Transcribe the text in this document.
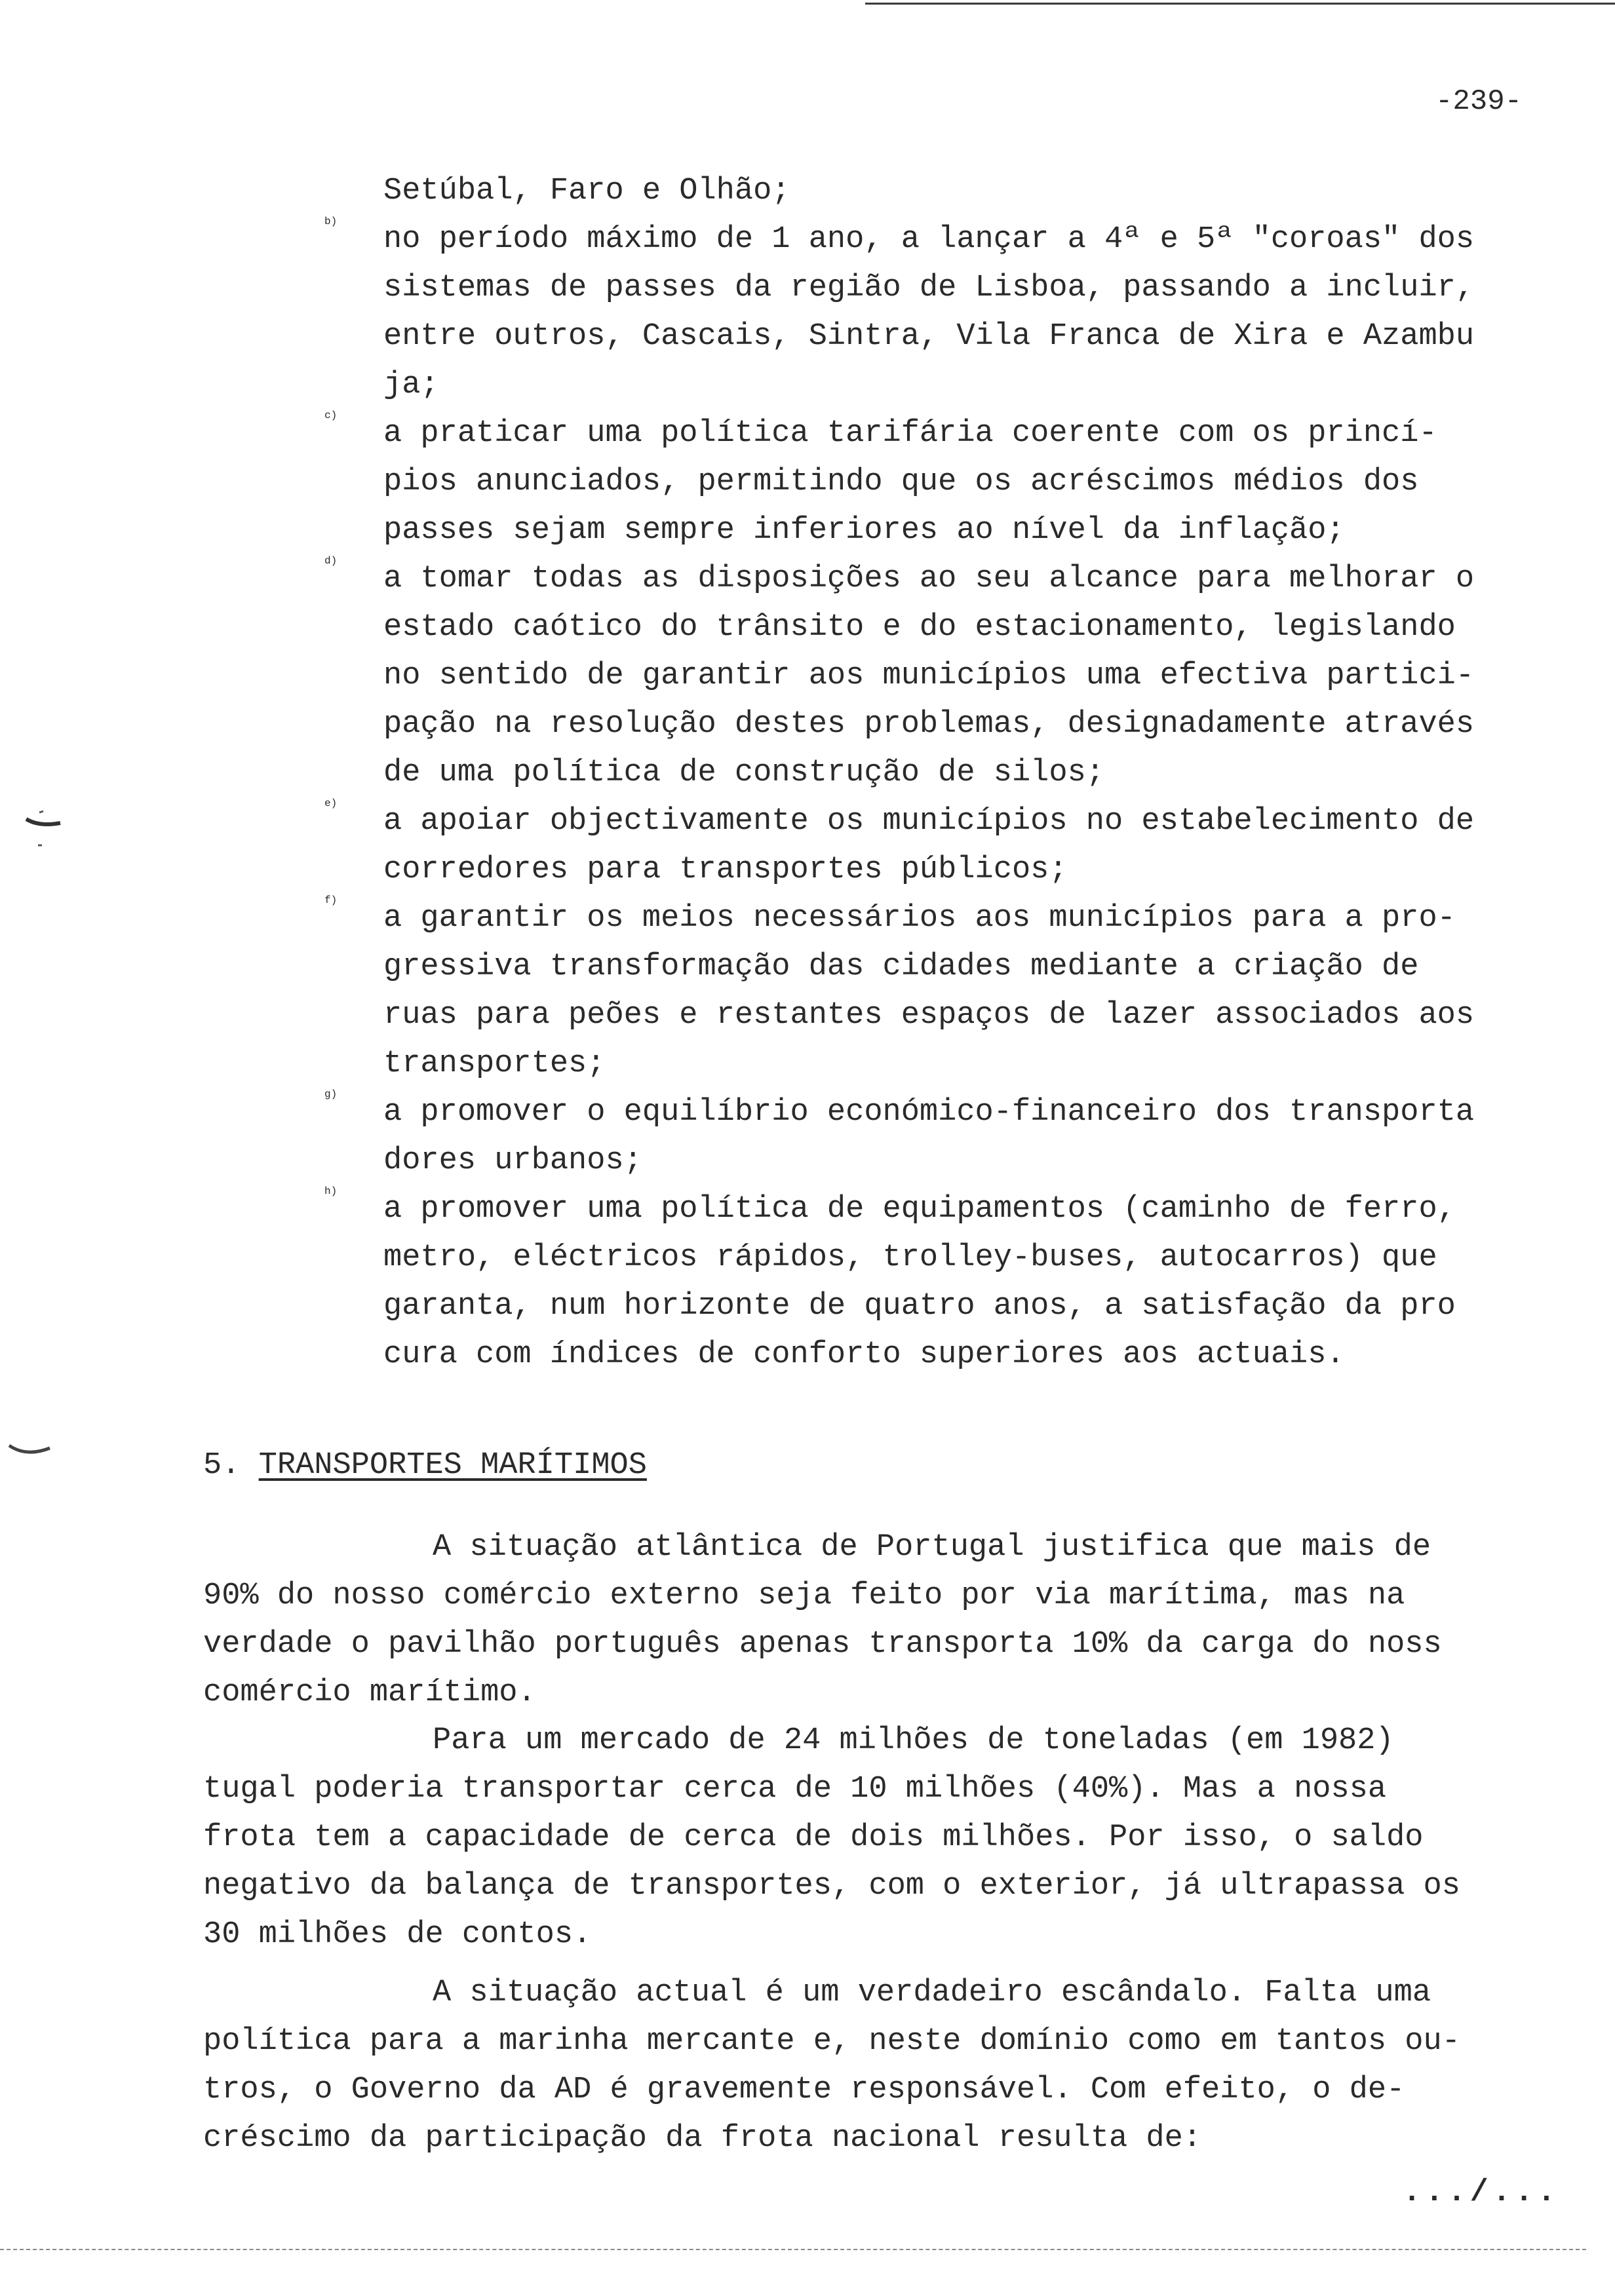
-239-
Setúbal, Faro e Olhão;
b)
no período máximo de 1 ano, a lançar a 4ª e 5ª "coroas" dos
sistemas de passes da região de Lisboa, passando a incluir,
entre outros, Cascais, Sintra, Vila Franca de Xira e Azambu
ja;
c)
a praticar uma política tarifária coerente com os princí-
pios anunciados, permitindo que os acréscimos médios dos
passes sejam sempre inferiores ao nível da inflação;
d)
a tomar todas as disposições ao seu alcance para melhorar o
estado caótico do trânsito e do estacionamento, legislando
no sentido de garantir aos municípios uma efectiva partici-
pação na resolução destes problemas, designadamente através
de uma política de construção de silos;
e)
a apoiar objectivamente os municípios no estabelecimento de
corredores para transportes públicos;
f)
a garantir os meios necessários aos municípios para a pro-
gressiva transformação das cidades mediante a criação de
ruas para peões e restantes espaços de lazer associados aos
transportes;
g)
a promover o equilíbrio económico-financeiro dos transporta
dores urbanos;
h)
a promover uma política de equipamentos (caminho de ferro,
metro, eléctricos rápidos, trolley-buses, autocarros) que
garanta, num horizonte de quatro anos, a satisfação da pro
cura com índices de conforto superiores aos actuais.
5. TRANSPORTES MARÍTIMOS
A situação atlântica de Portugal justifica que mais de
90% do nosso comércio externo seja feito por via marítima, mas na
verdade o pavilhão português apenas transporta 10% da carga do noss
comércio marítimo.
Para um mercado de 24 milhões de toneladas (em 1982)
tugal poderia transportar cerca de 10 milhões (40%). Mas a nossa
frota tem a capacidade de cerca de dois milhões. Por isso, o saldo
negativo da balança de transportes, com o exterior, já ultrapassa os
30 milhões de contos.
A situação actual é um verdadeiro escândalo. Falta uma
política para a marinha mercante e, neste domínio como em tantos ou-
tros, o Governo da AD é gravemente responsável. Com efeito, o de-
créscimo da participação da frota nacional resulta de:
.../...
